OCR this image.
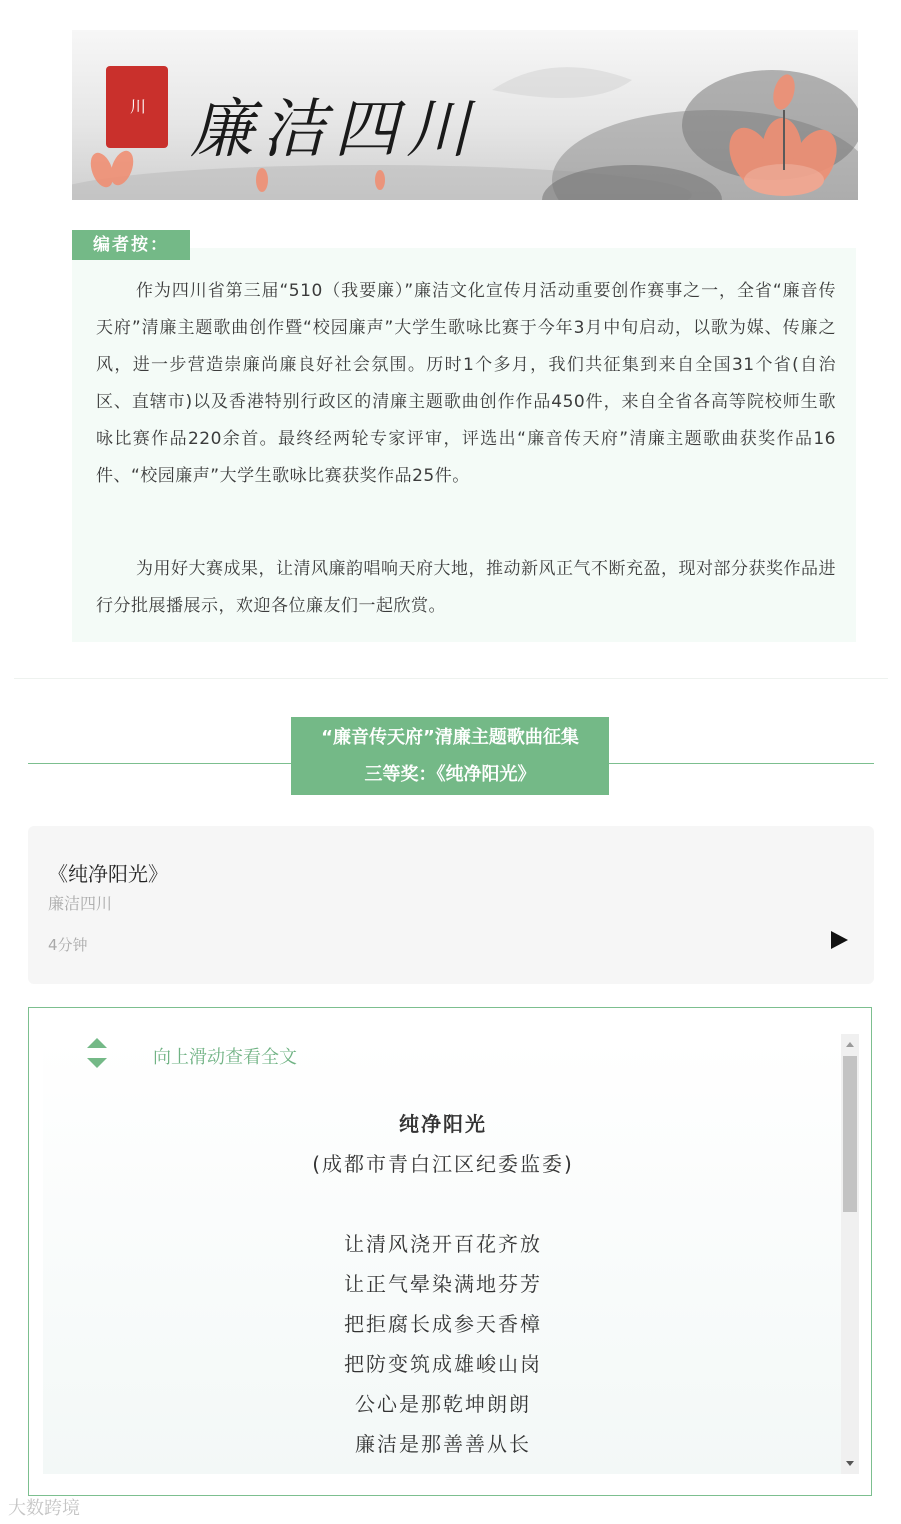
川 廉洁四川
编者按：

作为四川省第三届“510（我要廉）”廉洁文化宣传月活动重要创作赛事之一，全省“廉音传天府”清廉主题歌曲创作暨“校园廉声”大学生歌咏比赛于今年3月中旬启动，以歌为媒、传廉之风，进一步营造崇廉尚廉良好社会氛围。历时1个多月，我们共征集到来自全国31个省(自治区、直辖市)以及香港特别行政区的清廉主题歌曲创作作品450件，来自全省各高等院校师生歌咏比赛作品220余首。最终经两轮专家评审，评选出“廉音传天府”清廉主题歌曲获奖作品16件、“校园廉声”大学生歌咏比赛获奖作品25件。

为用好大赛成果，让清风廉韵唱响天府大地，推动新风正气不断充盈，现对部分获奖作品进行分批展播展示，欢迎各位廉友们一起欣赏。

“廉音传天府”清廉主题歌曲征集
三等奖：《纯净阳光》
《纯净阳光》
廉洁四川
4分钟
向上滑动查看全文
纯净阳光
(成都市青白江区纪委监委)
让清风浇开百花齐放
让正气晕染满地芬芳
把拒腐长成参天香樟
把防变筑成雄峻山岗
公心是那乾坤朗朗
廉洁是那善善从长
大数跨境
